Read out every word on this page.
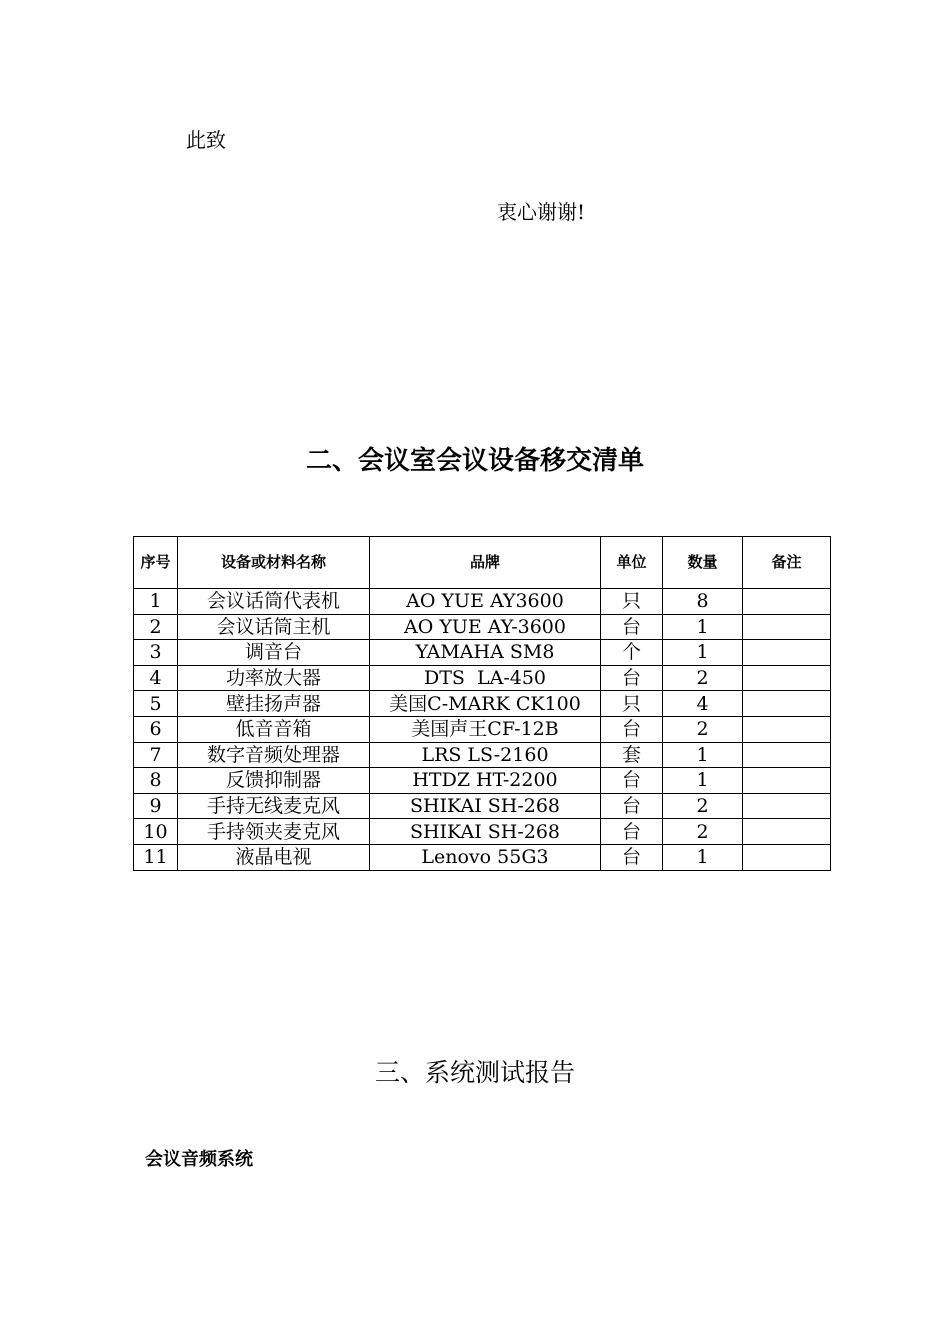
此致
衷心谢谢!
二、会议室会议设备移交清单
序号	设备或材料名称	品牌	单位	数量	备注
1	会议话筒代表机	AO YUE AY3600	只	8	
2	会议话筒主机	AO YUE AY-3600	台	1	
3	调音台	YAMAHA SM8	个	1	
4	功率放大器	DTS  LA-450	台	2	
5	壁挂扬声器	美国C-MARK CK100	只	4	
6	低音音箱	美国声王CF-12B	台	2	
7	数字音频处理器	LRS LS-2160	套	1	
8	反馈抑制器	HTDZ HT-2200	台	1	
9	手持无线麦克风	SHIKAI SH-268	台	2	
10	手持领夹麦克风	SHIKAI SH-268	台	2	
11	液晶电视	Lenovo 55G3	台	1	
三、系统测试报告
会议音频系统
